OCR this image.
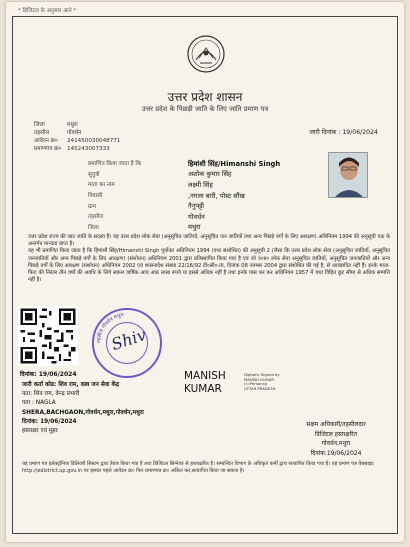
* डिजिटल के अनुसार आने *
उत्तर प्रदेश शासन
उत्तर प्रदेश के पिछड़ी जाति के लिए जाति प्रमाण पत्र
जिला	मथुरा
तहसील	गोवर्धन
आवेदन क्र० 241450030048771
प्रमाणपत्र क्र० 145243007333
जारी दिनांक : 19/06/2024
प्रमाणित किया जाता है कि	हिमांशी सिंह/Himanshi Singh
सुपुत्री	अशोक कुमार सिंह
माता का नाम	लक्ष्मी सिंह
निवासी	,नगला बारी, पोस्ट सौंख
ग्राम	नैनुपट्टी
तहसील	गोवर्धन
जिला	मथुरा

उत्तर प्रदेश राज्य की जाट जाति के सदस्य हैं। यह उत्तर प्रदेश लोक सेवा (अनुसूचित जातियों, अनुसूचित जन जातियों तथा अन्य पिछड़े वर्गों के लिए आरक्षण) अधिनियम 1994 की अनुसूची एक के अन्तर्गत मान्यता प्राप्त है।

यह भी प्रमाणित किया जाता है कि हिमांशी सिंह/Himanshi Singh पूर्वोक्त अधिनियम 1994 (यथा संशोधित) की अनुसूची 2 (जैसा कि उत्तर प्रदेश लोक सेवा (अनुसूचित जातियों, अनुसूचित जनजातियों और अन्य पिछड़े वर्गों के लिए आरक्षण) (संशोधन) अधिनियम 2001 द्वारा प्रतिस्थापित किया गया है एवं जो उ०प्र० लोक सेवा अनुसूचित जातियों, अनुसूचित जनजातियों और अन्य पिछड़े वर्गों के लिए आरक्षण (संशोधन) अधिनियम 2002 एवं शासनादेश संख्या 22/16/92 टी०सी०-III, दिनांक 08 नवम्बर 2004 द्वारा संशोधित की गई है, से आच्छादित नहीं हैं। इनके माता-पिता की निरंतर तीन वर्षों की अवधि के लिये सकल वार्षिक आय आठ लाख रुपये या इससे अधिक नहीं है तथा इनके पास धन कर अधिनियम 1957 में यथा विहित छूट सीमा से अधिक सम्पत्ति नहीं है।

तहसील गोवर्धन मथुरा
Shiv
दिनांक: 19/06/2024
जारी कर्ता कोड: शिव राम, वस्त्र जन सेवा केंद्र
पता: शिव राम, केन्द्र प्रभारी
पता : NAGLA
SHERA,BACHGAON,गोवर्धन,मथुरा,गोवर्धन,मथुरा
दिनांक: 19/06/2024
हस्ताक्षर एवं मुहर
MANISH
KUMAR
Digitally Signed by
MANISH KUMAR
(I=Personal)
UTTAR PRADESH
सक्षम अधिकारी/तहसीलदार
डिजिटल हस्ताक्षरित
गोवर्धन,मथुरा
दिनांक:19/06/2024
यह प्रमाण पत्र इलेक्ट्रॉनिक डिलिवरी सिस्टम द्वारा तैयार किया गया है तथा डिजिटल सिग्नेचर से हस्ताक्षरित है। सम्बन्धित विभाग के अधिकृत कर्मी द्वारा सत्यापित किया गया है। यह प्रमाण पत्र वेबसाइट http://edistrict.up.gov.in पर इसका पहले आवेदन क्र० फिर प्रमाणपत्र क्र० अंकित कर,सत्यापित किया जा सकता है।
